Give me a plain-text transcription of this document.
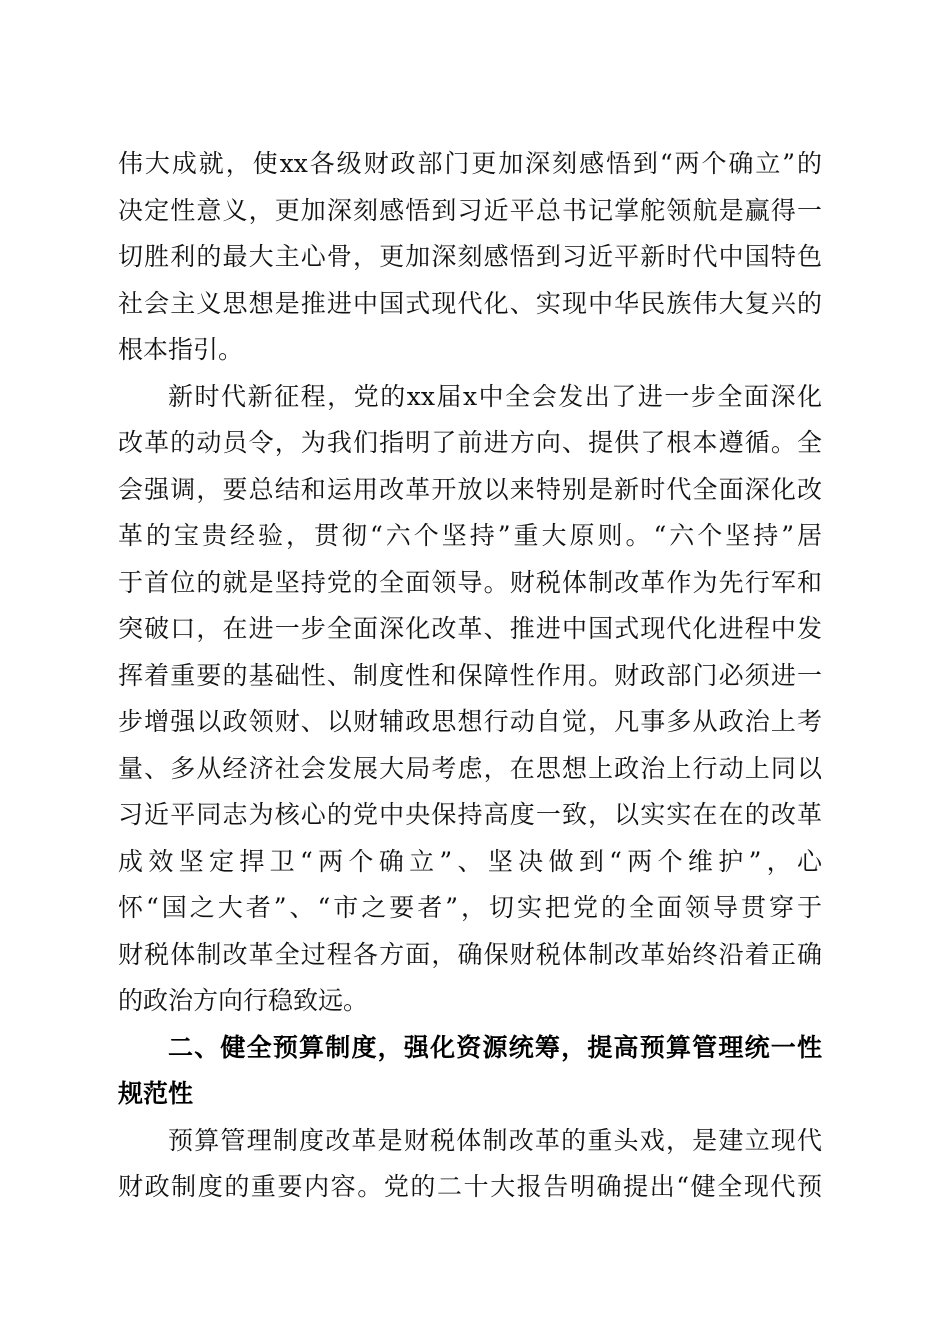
伟大成就，使xx各级财政部门更加深刻感悟到“两个确立”的
决定性意义，更加深刻感悟到习近平总书记掌舵领航是赢得一
切胜利的最大主心骨，更加深刻感悟到习近平新时代中国特色
社会主义思想是推进中国式现代化、实现中华民族伟大复兴的
根本指引。
新时代新征程，党的xx届x中全会发出了进一步全面深化
改革的动员令，为我们指明了前进方向、提供了根本遵循。全
会强调，要总结和运用改革开放以来特别是新时代全面深化改
革的宝贵经验，贯彻“六个坚持”重大原则。“六个坚持”居
于首位的就是坚持党的全面领导。财税体制改革作为先行军和
突破口，在进一步全面深化改革、推进中国式现代化进程中发
挥着重要的基础性、制度性和保障性作用。财政部门必须进一
步增强以政领财、以财辅政思想行动自觉，凡事多从政治上考
量、多从经济社会发展大局考虑，在思想上政治上行动上同以
习近平同志为核心的党中央保持高度一致，以实实在在的改革
成效坚定捍卫“两个确立”、坚决做到“两个维护”，心
怀“国之大者”、“市之要者”，切实把党的全面领导贯穿于
财税体制改革全过程各方面，确保财税体制改革始终沿着正确
的政治方向行稳致远。
二、健全预算制度，强化资源统筹，提高预算管理统一性
规范性
预算管理制度改革是财税体制改革的重头戏，是建立现代
财政制度的重要内容。党的二十大报告明确提出“健全现代预
